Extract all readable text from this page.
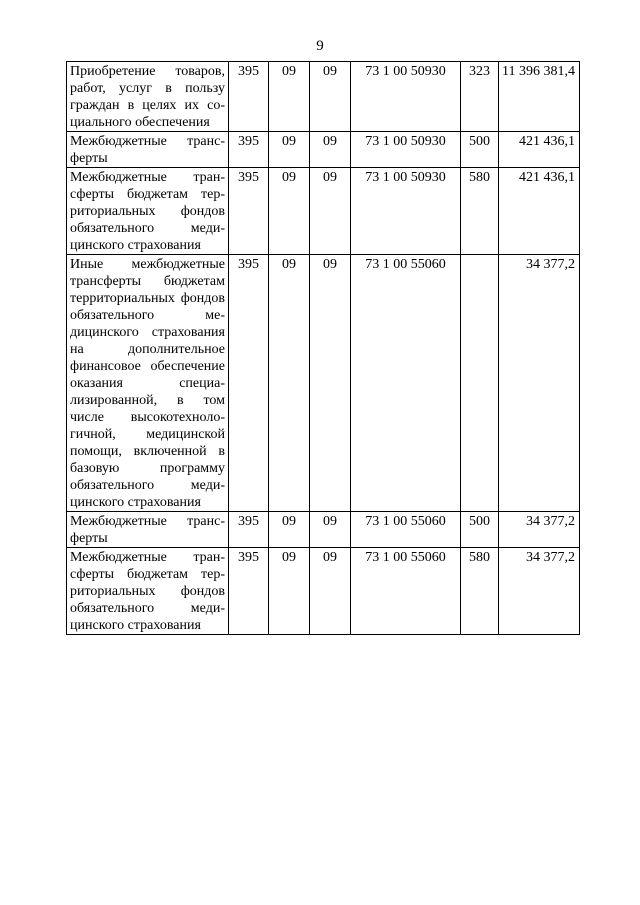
9
Приобретение товаров, работ, услуг в пользу граждан в целях их социального обеспечения	395	09	09	73 1 00 50930	323	11 396 381,4
Межбюджетные трансферты	395	09	09	73 1 00 50930	500	421 436,1
Межбюджетные трансферты бюджетам территориальных фондов обязательного медицинского страхования	395	09	09	73 1 00 50930	580	421 436,1
Иные межбюджетные трансферты бюджетам территориальных фондов обязательного медицинского страхования на дополнительное финансовое обеспечение оказания специализированной, в том числе высокотехнологичной, медицинской помощи, включенной в базовую программу обязательного медицинского страхования	395	09	09	73 1 00 55060		34 377,2
Межбюджетные трансферты	395	09	09	73 1 00 55060	500	34 377,2
Межбюджетные трансферты бюджетам территориальных фондов обязательного медицинского страхования	395	09	09	73 1 00 55060	580	34 377,2
